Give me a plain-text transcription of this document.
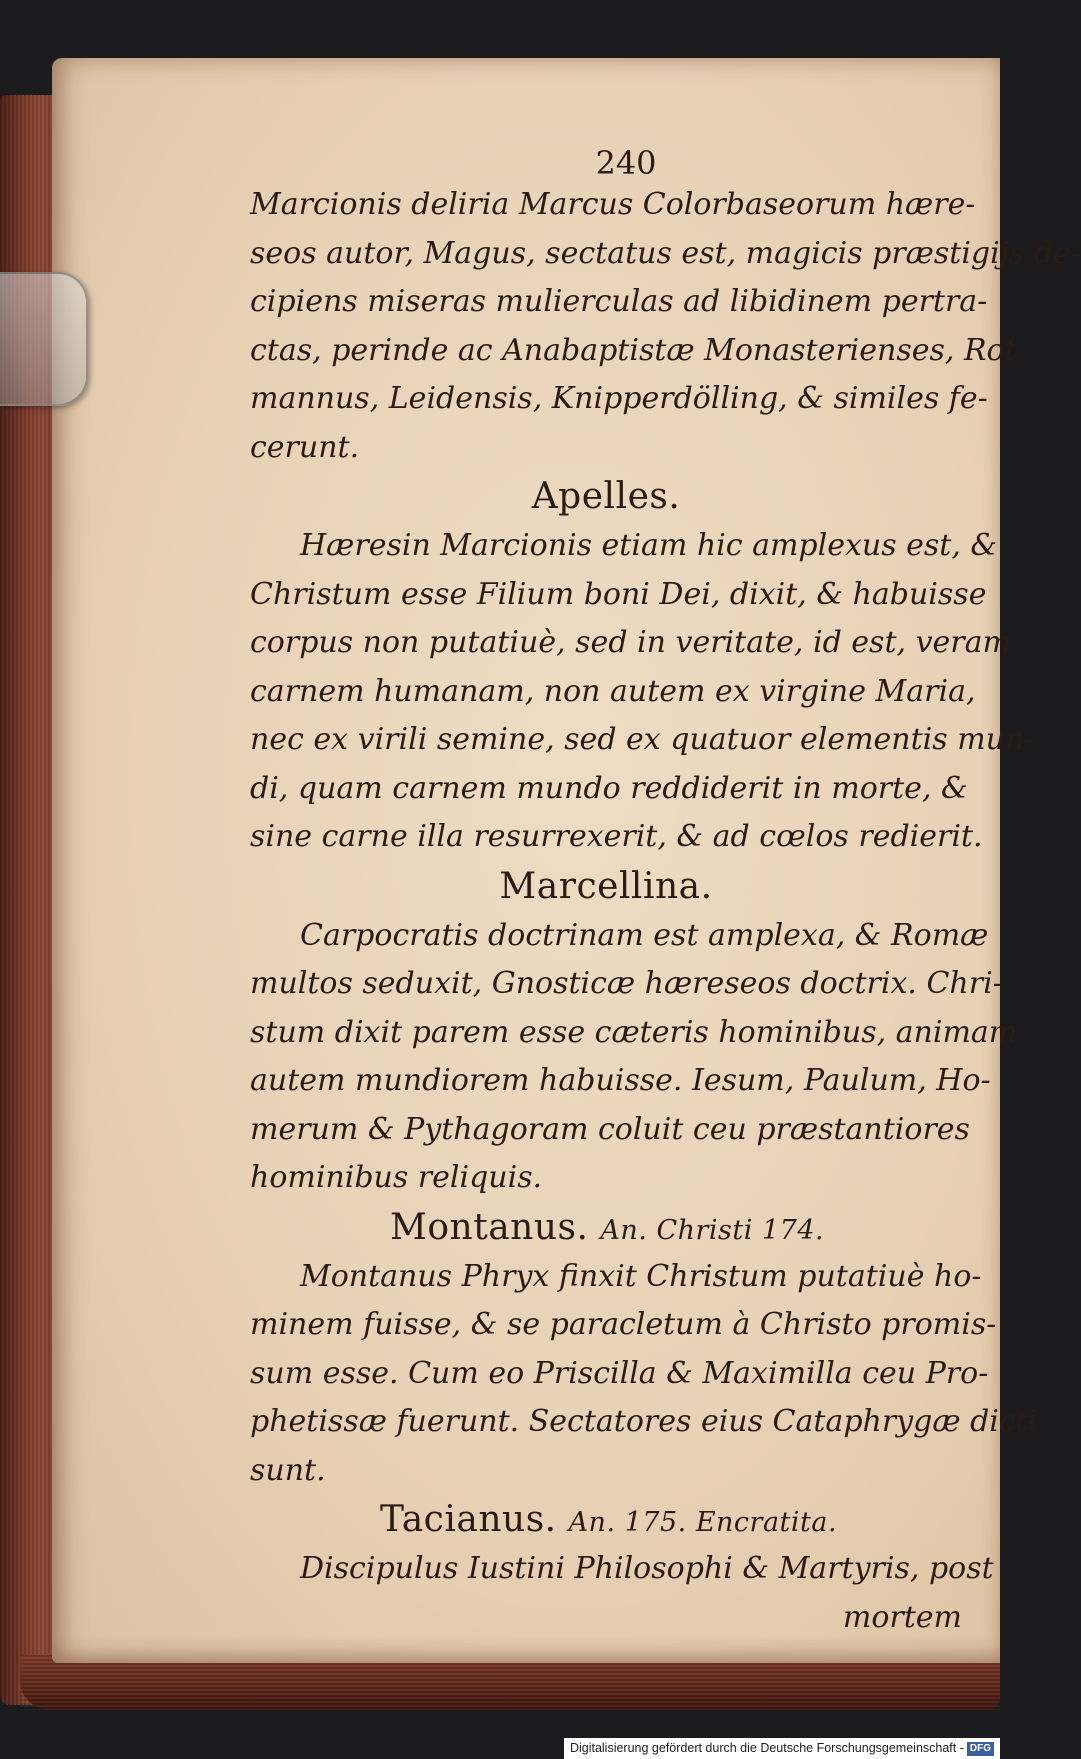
240
Marcionis deliria Marcus Colorbaseorum hære-
seos autor, Magus, sectatus est, magicis præstigijs de-
cipiens miseras mulierculas ad libidinem pertra-
ctas, perinde ac Anabaptistæ Monasterienses, Rot-
mannus, Leidensis, Knipperdölling, & similes fe-
cerunt.
Apelles.
Hæresin Marcionis etiam hic amplexus est, &
Christum esse Filium boni Dei, dixit, & habuisse
corpus non putatiuè, sed in veritate, id est, veram
carnem humanam, non autem ex virgine Maria,
nec ex virili semine, sed ex quatuor elementis mun-
di, quam carnem mundo reddiderit in morte, &
sine carne illa resurrexerit, & ad cœlos redierit.
Marcellina.
Carpocratis doctrinam est amplexa, & Romæ
multos seduxit, Gnosticæ hæreseos doctrix. Chri-
stum dixit parem esse cæteris hominibus, animam
autem mundiorem habuisse. Iesum, Paulum, Ho-
merum & Pythagoram coluit ceu præstantiores
hominibus reliquis.
Montanus. An. Christi 174.
Montanus Phryx finxit Christum putatiuè ho-
minem fuisse, & se paracletum à Christo promis-
sum esse. Cum eo Priscilla & Maximilla ceu Pro-
phetissæ fuerunt. Sectatores eius Cataphrygæ dicti
sunt.
Tacianus. An. 175. Encratita.
Discipulus Iustini Philosophi & Martyris, post
mortem
Digitalisierung gefördert durch die Deutsche Forschungsgemeinschaft - DFG
